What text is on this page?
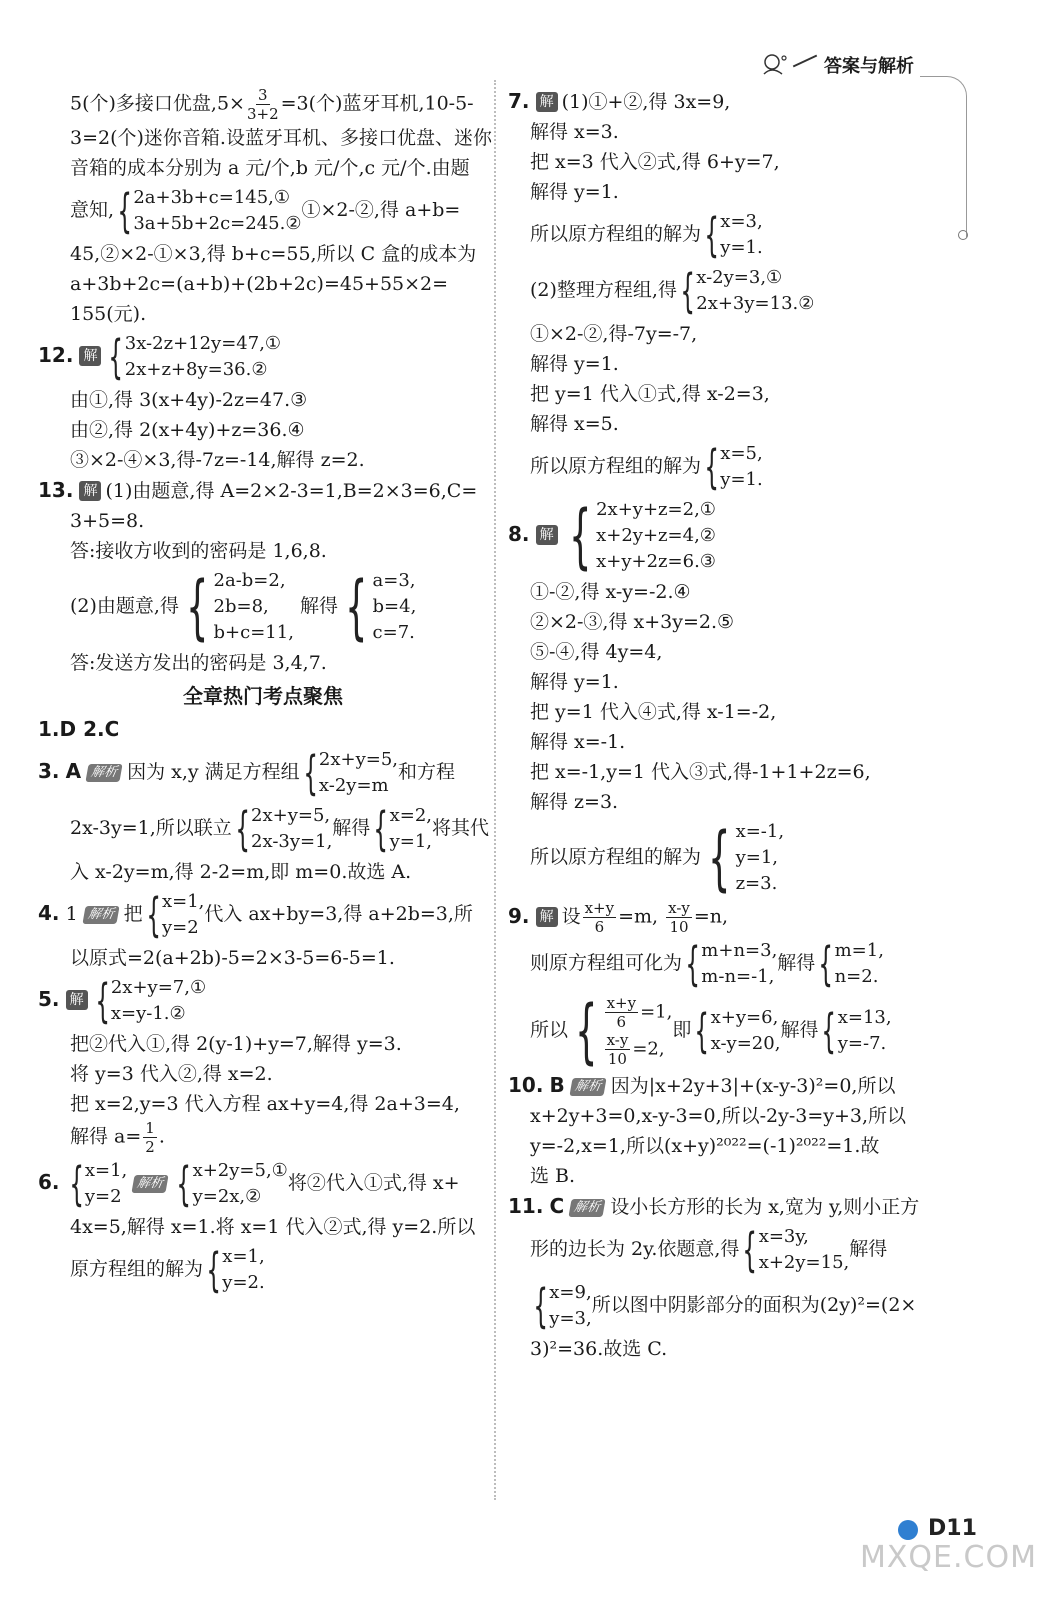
答案与解析
5(个)多接口优盘$,5\times \frac{3}{3+2} =3$(个)蓝牙耳机,10-5-
3=2(个)迷你音箱.设蓝牙耳机、多接口优盘、迷你
音箱的成本分别为 a 元/个,b 元/个,c 元/个.由题
意知, { 2a+3b+c=145,①
3a+5b+2c=245.②
①×2-②,得 a+b=
45,②×2-①×3,得 b+c=55,所以 C 盒的成本为
a+3b+2c=(a+b)+(2b+2c)=45+55×2=
155(元).
12. 解 { 3x-2z+12y=47,①
2x+z+8y=36.②
由①,得 3(x+4y)-2z=47.③
由②,得 2(x+4y)+z=36.④
③×2-④×3,得-7z=-14,解得 z=2.
13. 解 (1)由题意,得 A=2×2-3=1,B=2×3=6,C=
3+5=8.
答:接收方收到的密码是 1,6,8.
(2)由题意,得 { 2a-b=2,
2b=8,
b+c=11,
解得 { a=3,
b=4,
c=7.
答:发送方发出的密码是 3,4,7.
全章热门考点聚焦
1.D 2.C
3. A 解析 因为 x,y 满足方程组 { 2x+y=5,
x-2y=m
和方程
2x-3y=1,所以联立 { 2x+y=5,
2x-3y=1,
解得 { x=2,
y=1,
将其代
入 x-2y=m,得 2-2=m,即 m=0.故选 A.
4. 1 解析 把 { x=1,
y=2
代入 ax+by=3,得 a+2b=3,所
以原式=2(a+2b)-5=2×3-5=6-5=1.
5. 解 { 2x+y=7,①
x=y-1.②
把②代入①,得 2(y-1)+y=7,解得 y=3.
将 y=3 代入②,得 x=2.
把 x=2,y=3 代入方程 ax+y=4,得 2a+3=4,
解得 $a= \frac{1}{2}$ .
6. { x=1,
y=2
解析 { x+2y=5,①
y=2x,②
将②代入①式,得 x+
4x=5,解得 x=1.将 x=1 代入②式,得 y=2.所以
原方程组的解为 { x=1,
y=2.
7. 解 (1)①+②,得 3x=9,
解得 x=3.
把 x=3 代入②式,得 6+y=7,
解得 y=1.
所以原方程组的解为 { x=3,
y=1.
(2)整理方程组,得 { x-2y=3,①
2x+3y=13.②
①×2-②,得-7y=-7,
解得 y=1.
把 y=1 代入①式,得 x-2=3,
解得 x=5.
所以原方程组的解为 { x=5,
y=1.
8. 解 { 2x+y+z=2,①
x+2y+z=4,②
x+y+2z=6.③
①-②,得 x-y=-2.④
②×2-③,得 x+3y=2.⑤
⑤-④,得 4y=4,
解得 y=1.
把 y=1 代入④式,得 x-1=-2,
解得 x=-1.
把 x=-1,y=1 代入③式,得-1+1+2z=6,
解得 z=3.
所以原方程组的解为 { x=-1,
y=1,
z=3.
9. 解 设 $\frac{x+y}{6} =m$, $\frac{x-y}{10} =n$,
则原方程组可化为 { m+n=3,
m-n=-1,
解得 { m=1,
n=2.
所以 { $\frac{x+y}{6} =1$,
$\frac{x-y}{10} =2$,
即 { x+y=6,
x-y=20,
解得 { x=13,
y=-7.
10. B 解析 因为|x+2y+3|+(x-y-3)²=0,所以
x+2y+3=0,x-y-3=0,所以-2y-3=y+3,所以
y=-2,x=1,所以(x+y)²⁰²²=(-1)²⁰²²=1.故
选 B.
11. C 解析 设小长方形的长为 x,宽为 y,则小正方
形的边长为 2y.依题意,得 { x=3y,
x+2y=15,
解得
{ x=9,
y=3,
所以图中阴影部分的面积为(2y)²=(2×
3)²=36.故选 C.
D11
MXQE.COM
